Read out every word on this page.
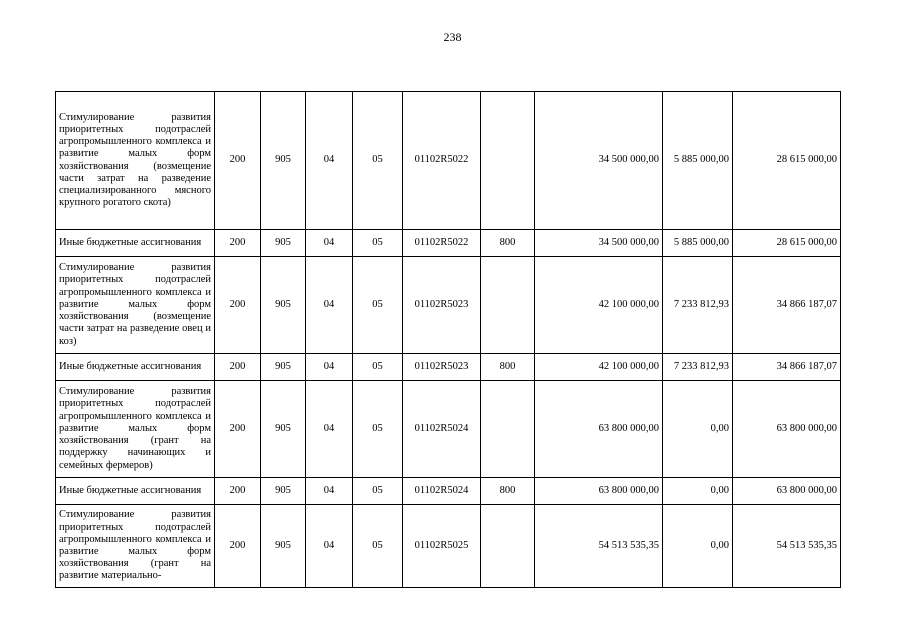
238
Стимулирование развития приоритетных подотраслей агропромышленного комплекса и развитие малых форм хозяйствования (возмещение части затрат на разведение специализированного мясного крупного рогатого скота)	200	905	04	05	01102R5022		34 500 000,00	5 885 000,00	28 615 000,00
Иные бюджетные ассигнования	200	905	04	05	01102R5022	800	34 500 000,00	5 885 000,00	28 615 000,00
Стимулирование развития приоритетных подотраслей агропромышленного комплекса и развитие малых форм хозяйствования (возмещение части затрат на разведение овец и коз)	200	905	04	05	01102R5023		42 100 000,00	7 233 812,93	34 866 187,07
Иные бюджетные ассигнования	200	905	04	05	01102R5023	800	42 100 000,00	7 233 812,93	34 866 187,07
Стимулирование развития приоритетных подотраслей агропромышленного комплекса и развитие малых форм хозяйствования (грант на поддержку начинающих и семейных фермеров)	200	905	04	05	01102R5024		63 800 000,00	0,00	63 800 000,00
Иные бюджетные ассигнования	200	905	04	05	01102R5024	800	63 800 000,00	0,00	63 800 000,00
Стимулирование развития приоритетных подотраслей агропромышленного комплекса и развитие малых форм хозяйствования (грант на развитие материально-	200	905	04	05	01102R5025		54 513 535,35	0,00	54 513 535,35
